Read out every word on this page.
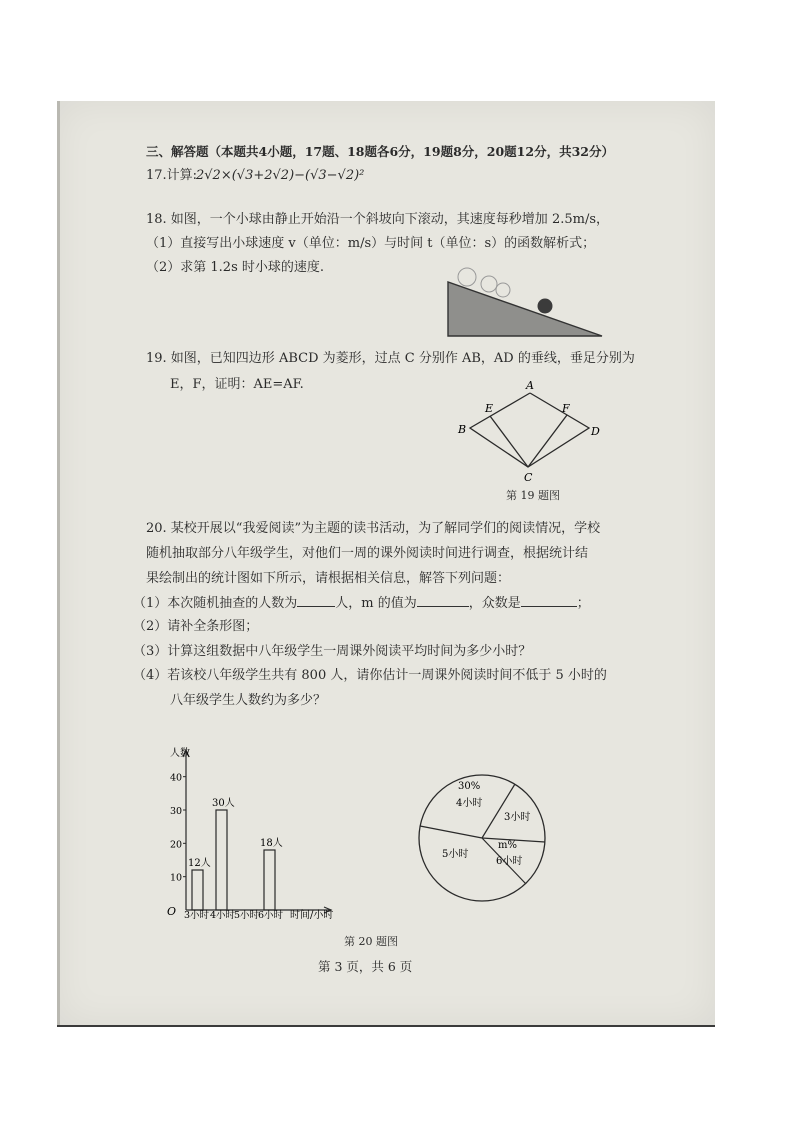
三、解答题（本题共4小题，17题、18题各6分，19题8分，20题12分，共32分）
17.计算:
2√2×(√3+2√2)−(√3−√2)²
18. 如图，一个小球由静止开始沿一个斜坡向下滚动，其速度每秒增加 2.5m/s，
（1）直接写出小球速度 v（单位：m/s）与时间 t（单位：s）的函数解析式；
（2）求第 1.2s 时小球的速度.
19. 如图，已知四边形 ABCD 为菱形，过点 C 分别作 AB，AD 的垂线，垂足分别为
E，F，证明：AE=AF.	A
B
C
D
E	F
第 19 题图
20. 某校开展以“我爱阅读”为主题的读书活动，为了解同学们的阅读情况，学校
随机抽取部分八年级学生，对他们一周的课外阅读时间进行调查，根据统计结
果绘制出的统计图如下所示，请根据相关信息，解答下列问题：
（1）本次随机抽查的人数为	人，m 的值为	，众数是	；
（2）请补全条形图；
（3）计算这组数据中八年级学生一周课外阅读平均时间为多少小时？
（4）若该校八年级学生共有 800 人，请你估计一周课外阅读时间不低于 5 小时的
八年级学生人数约为多少？
人数
时间/小时
O
10
20
30
40
12人
30人
18人
3小时 4小时
5小时
6小时
30%
4小时
3小时
m%
6小时
5小时
第 20 题图
第 3 页，共 6 页
